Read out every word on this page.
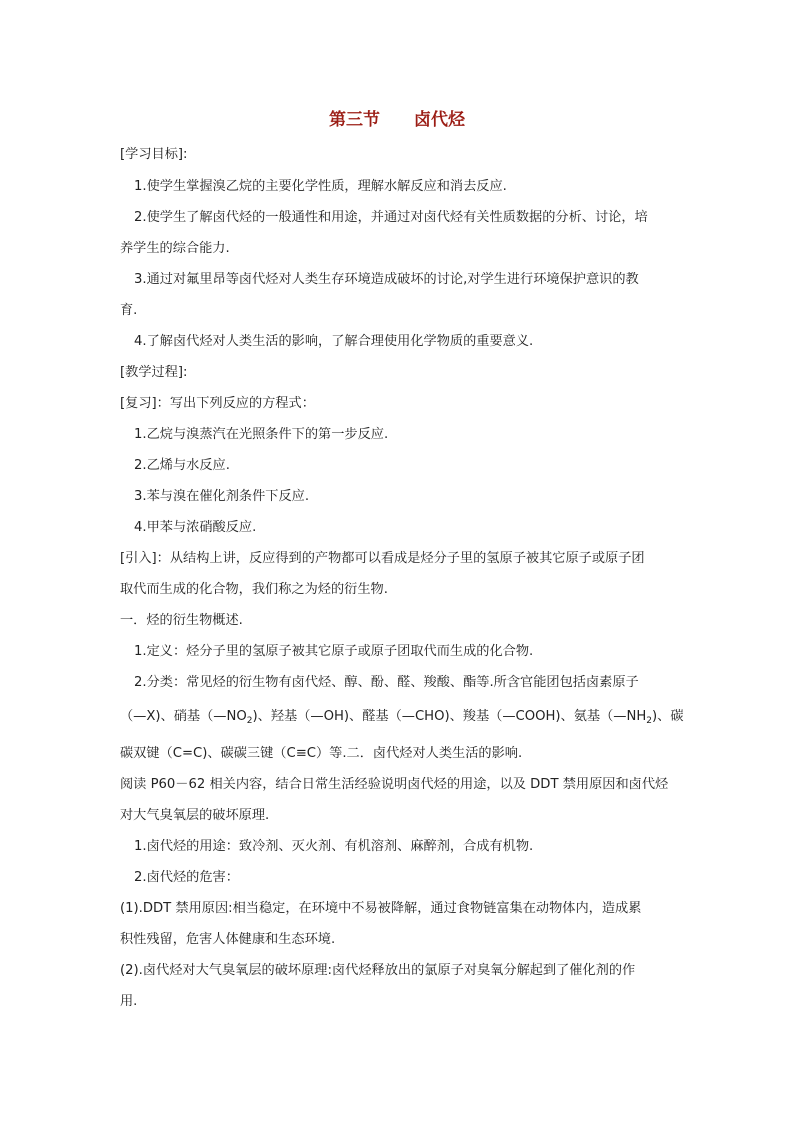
第三节 卤代烃
[学习目标]:
1.使学生掌握溴乙烷的主要化学性质，理解水解反应和消去反应.
2.使学生了解卤代烃的一般通性和用途，并通过对卤代烃有关性质数据的分析、讨论，培
养学生的综合能力.
3.通过对氟里昂等卤代烃对人类生存环境造成破坏的讨论,对学生进行环境保护意识的教
育.
4.了解卤代烃对人类生活的影响，了解合理使用化学物质的重要意义.
[教学过程]:
[复习]：写出下列反应的方程式：
1.乙烷与溴蒸汽在光照条件下的第一步反应.
2.乙烯与水反应.
3.苯与溴在催化剂条件下反应.
4.甲苯与浓硝酸反应.
[引入]：从结构上讲，反应得到的产物都可以看成是烃分子里的氢原子被其它原子或原子团
取代而生成的化合物，我们称之为烃的衍生物.
一．烃的衍生物概述.
1.定义：烃分子里的氢原子被其它原子或原子团取代而生成的化合物.
2.分类：常见烃的衍生物有卤代烃、醇、酚、醛、羧酸、酯等.所含官能团包括卤素原子
（—X)、硝基$(—NO_2)$、羟基（—OH)、醛基（—CHO)、羧基（—COOH)、氨基$(—NH_2)$、碳
碳双键（C=C)、碳碳三键（C≡C）等.二．卤代烃对人类生活的影响.
阅读 P60－62 相关内容，结合日常生活经验说明卤代烃的用途，以及 DDT 禁用原因和卤代烃
对大气臭氧层的破坏原理.
1.卤代烃的用途：致冷剂、灭火剂、有机溶剂、麻醉剂，合成有机物.
2.卤代烃的危害：
(1).DDT 禁用原因:相当稳定，在环境中不易被降解，通过食物链富集在动物体内，造成累
积性残留，危害人体健康和生态环境.
(2).卤代烃对大气臭氧层的破坏原理:卤代烃释放出的氯原子对臭氧分解起到了催化剂的作
用.
